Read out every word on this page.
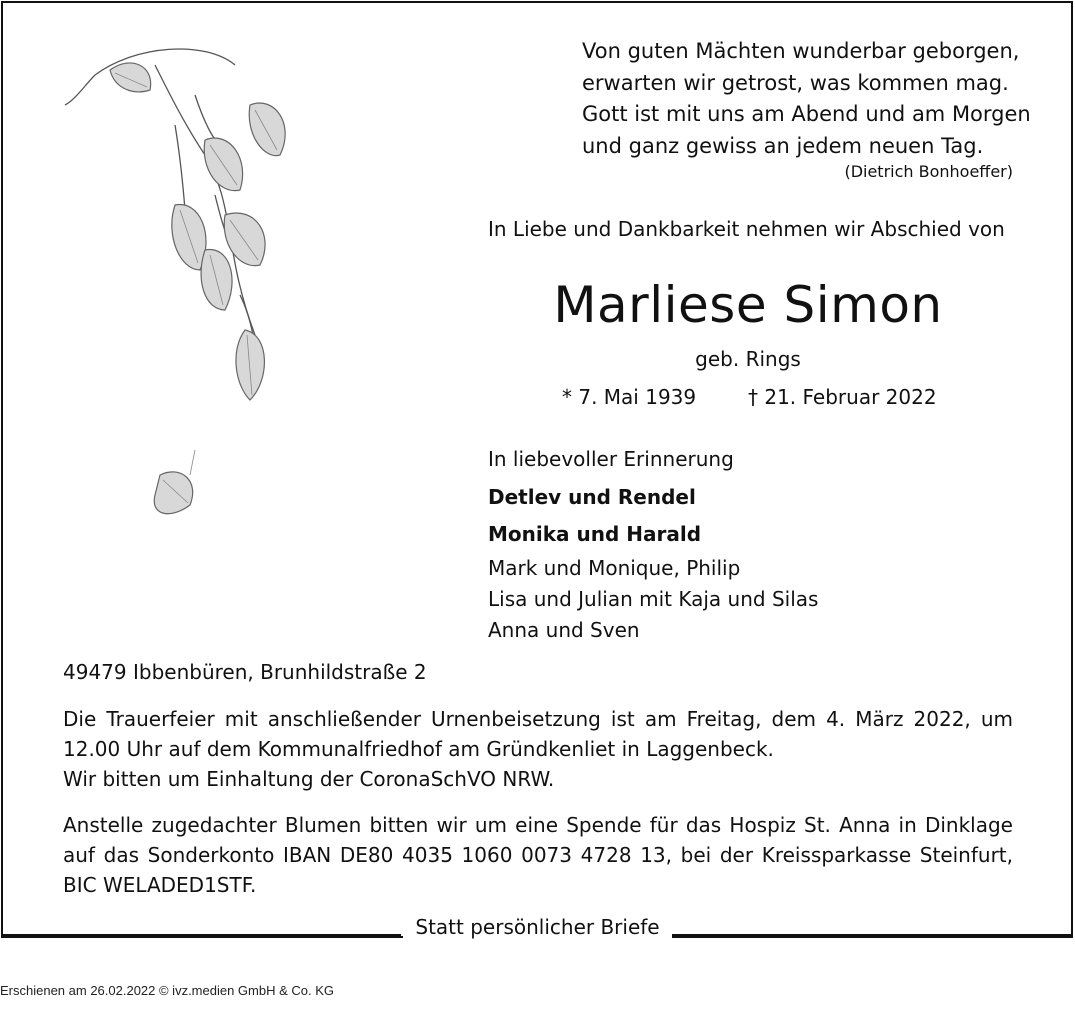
Von guten Mächten wunderbar geborgen,
erwarten wir getrost, was kommen mag.
Gott ist mit uns am Abend und am Morgen
und ganz gewiss an jedem neuen Tag.
(Dietrich Bonhoeffer)
In Liebe und Dankbarkeit nehmen wir Abschied von
Marliese Simon
geb. Rings
* 7. Mai 1939	† 21. Februar 2022
In liebevoller Erinnerung
Detlev und Rendel
Monika und Harald
Mark und Monique, Philip
Lisa und Julian mit Kaja und Silas
Anna und Sven
49479 Ibbenbüren, Brunhildstraße 2
Die Trauerfeier mit anschließender Urnenbeisetzung ist am Freitag, dem 4. März 2022, um
12.00 Uhr auf dem Kommunalfriedhof am Gründkenliet in Laggenbeck.
Wir bitten um Einhaltung der CoronaSchVO NRW.
Anstelle zugedachter Blumen bitten wir um eine Spende für das Hospiz St. Anna in Dinklage
auf das Sonderkonto IBAN DE80 4035 1060 0073 4728 13, bei der Kreissparkasse Steinfurt,
BIC WELADED1STF.
Statt persönlicher Briefe
Erschienen am 26.02.2022 © ivz.medien GmbH & Co. KG
